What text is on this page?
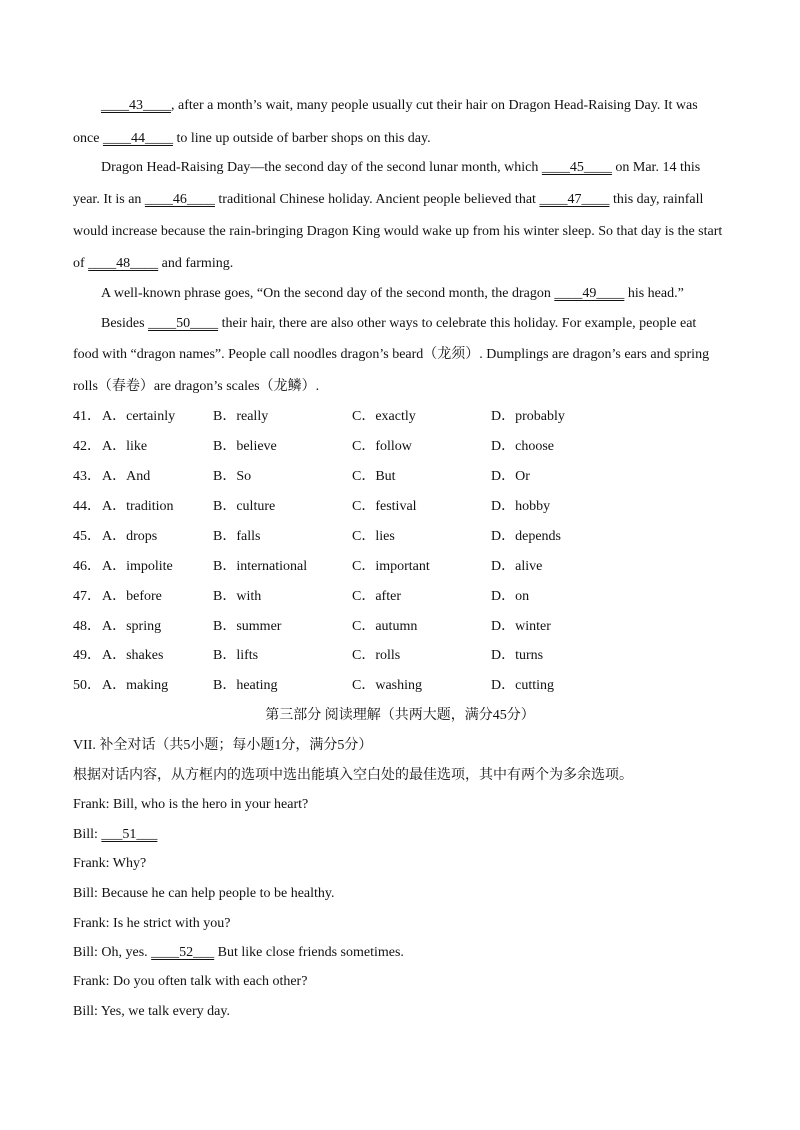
____43____, after a month’s wait, many people usually cut their hair on Dragon Head-Raising Day. It was
once ____44____ to line up outside of barber shops on this day.
Dragon Head-Raising Day—the second day of the second lunar month, which ____45____ on Mar. 14 this
year. It is an ____46____ traditional Chinese holiday. Ancient people believed that ____47____ this day, rainfall
would increase because the rain-bringing Dragon King would wake up from his winter sleep. So that day is the start
of ____48____ and farming.
A well-known phrase goes, “On the second day of the second month, the dragon ____49____ his head.”
Besides ____50____ their hair, there are also other ways to celebrate this holiday. For example, people eat
food with “dragon names”. People call noodles dragon’s beard（龙须）. Dumplings are dragon’s ears and spring
rolls（春卷）are dragon’s scales（龙鳞）.
41． A．certainly	B．really	C．exactly	D．probably
42． A．like	B．believe	C．follow	D．choose
43． A．And	B．So	C．But	D．Or
44． A．tradition	B．culture	C．festival	D．hobby
45． A．drops	B．falls	C．lies	D．depends
46． A．impolite	B．international	C．important	D．alive
47． A．before	B．with	C．after	D．on
48． A．spring	B．summer	C．autumn	D．winter
49． A．shakes	B．lifts	C．rolls	D．turns
50． A．making	B．heating	C．washing	D．cutting
第三部分 阅读理解（共两大题，满分45分）
VII. 补全对话（共5小题；每小题1分，满分5分）
根据对话内容，从方框内的选项中选出能填入空白处的最佳选项，其中有两个为多余选项。
Frank: Bill, who is the hero in your heart?
Bill: ___51___
Frank: Why?
Bill: Because he can help people to be healthy.
Frank: Is he strict with you?
Bill: Oh, yes. ____52___ But like close friends sometimes.
Frank: Do you often talk with each other?
Bill: Yes, we talk every day.
